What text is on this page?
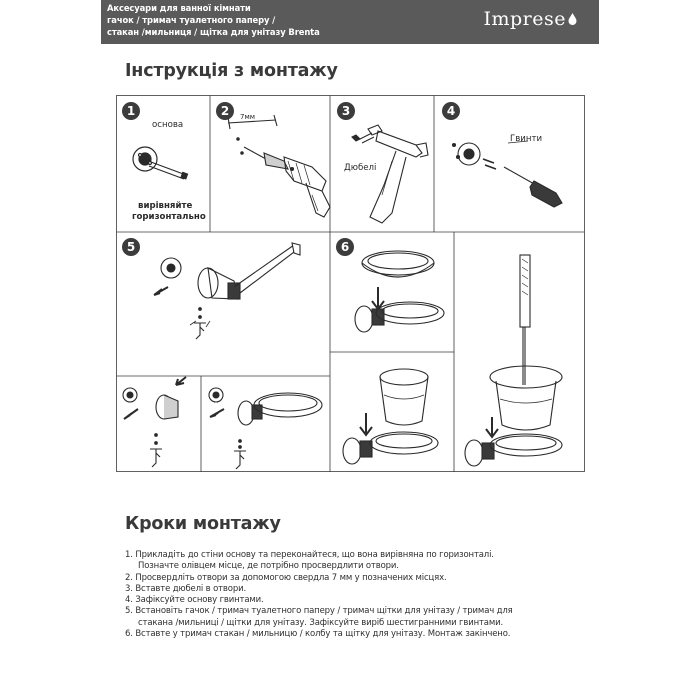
Аксесуари для ванної кімнати
гачок / тримач туалетного паперу /
стакан /мильниця / щітка для унітазу Brenta
Imprese
Інструкція з монтажу
1	2	3	4
5	6
основа
вирівняйте
горизонтально
7мм
Дюбелі
Гвинти
Кроки монтажу
1. Прикладіть до стіни основу та переконайтеся, що вона вирівняна по горизонталі.
Позначте олівцем місце, де потрібно просвердлити отвори.
2. Просвердліть отвори за допомогою свердла 7 мм у позначених місцях.
3. Вставте дюбелі в отвори.
4. Зафіксуйте основу гвинтами.
5. Встановіть гачок / тримач туалетного паперу / тримач щітки для унітазу / тримач для
стакана /мильниці / щітки для унітазу. Зафіксуйте виріб шестигранними гвинтами.
6. Вставте у тримач стакан / мильницю / колбу та щітку для унітазу. Монтаж закінчено.
